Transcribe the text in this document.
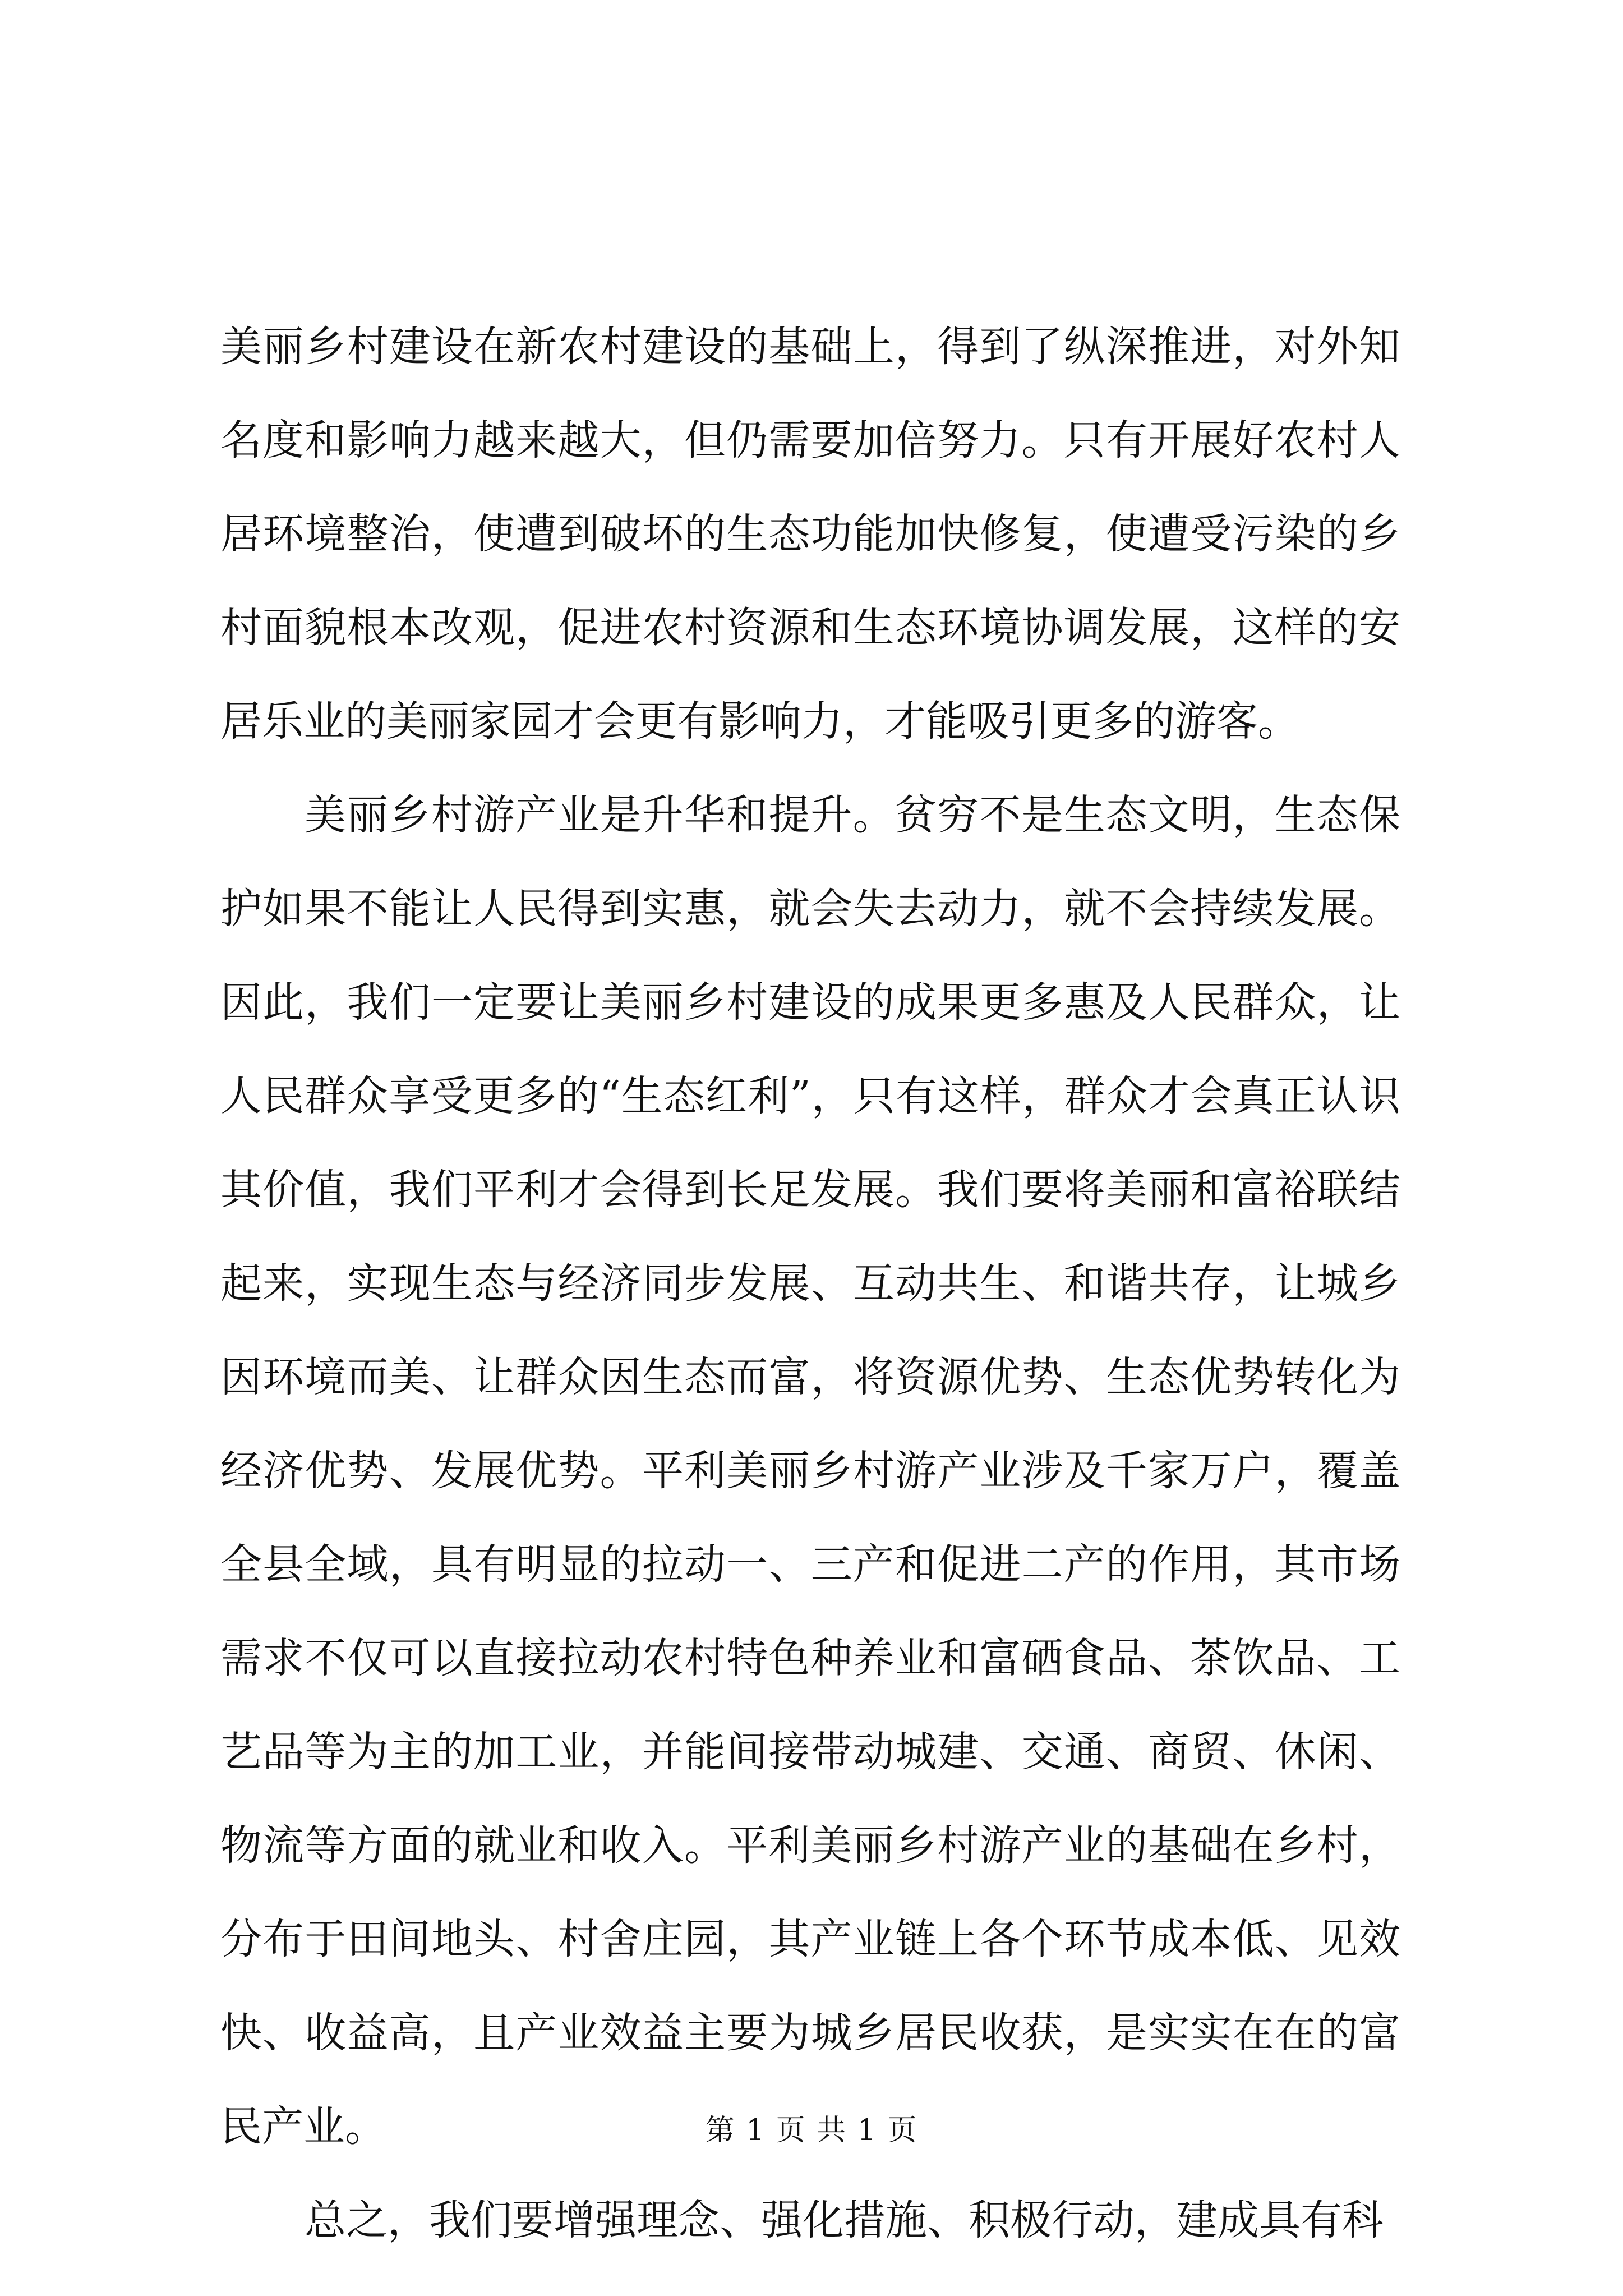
美丽乡村建设在新农村建设的基础上，得到了纵深推进，对外知名度和影响力越来越大，但仍需要加倍努力。只有开展好农村人居环境整治，使遭到破坏的生态功能加快修复，使遭受污染的乡村面貌根本改观，促进农村资源和生态环境协调发展，这样的安居乐业的美丽家园才会更有影响力，才能吸引更多的游客。

美丽乡村游产业是升华和提升。贫穷不是生态文明，生态保护如果不能让人民得到实惠，就会失去动力，就不会持续发展。因此，我们一定要让美丽乡村建设的成果更多惠及人民群众，让人民群众享受更多的“生态红利”，只有这样，群众才会真正认识其价值，我们平利才会得到长足发展。我们要将美丽和富裕联结起来，实现生态与经济同步发展、互动共生、和谐共存，让城乡因环境而美、让群众因生态而富，将资源优势、生态优势转化为经济优势、发展优势。平利美丽乡村游产业涉及千家万户，覆盖全县全域，具有明显的拉动一、三产和促进二产的作用，其市场需求不仅可以直接拉动农村特色种养业和富硒食品、茶饮品、工艺品等为主的加工业，并能间接带动城建、交通、商贸、休闲、物流等方面的就业和收入。平利美丽乡村游产业的基础在乡村，分布于田间地头、村舍庄园，其产业链上各个环节成本低、见效快、收益高，且产业效益主要为城乡居民收获，是实实在在的富民产业。

总之，我们要增强理念、强化措施、积极行动，建成具有科

第 1 页 共 1 页
